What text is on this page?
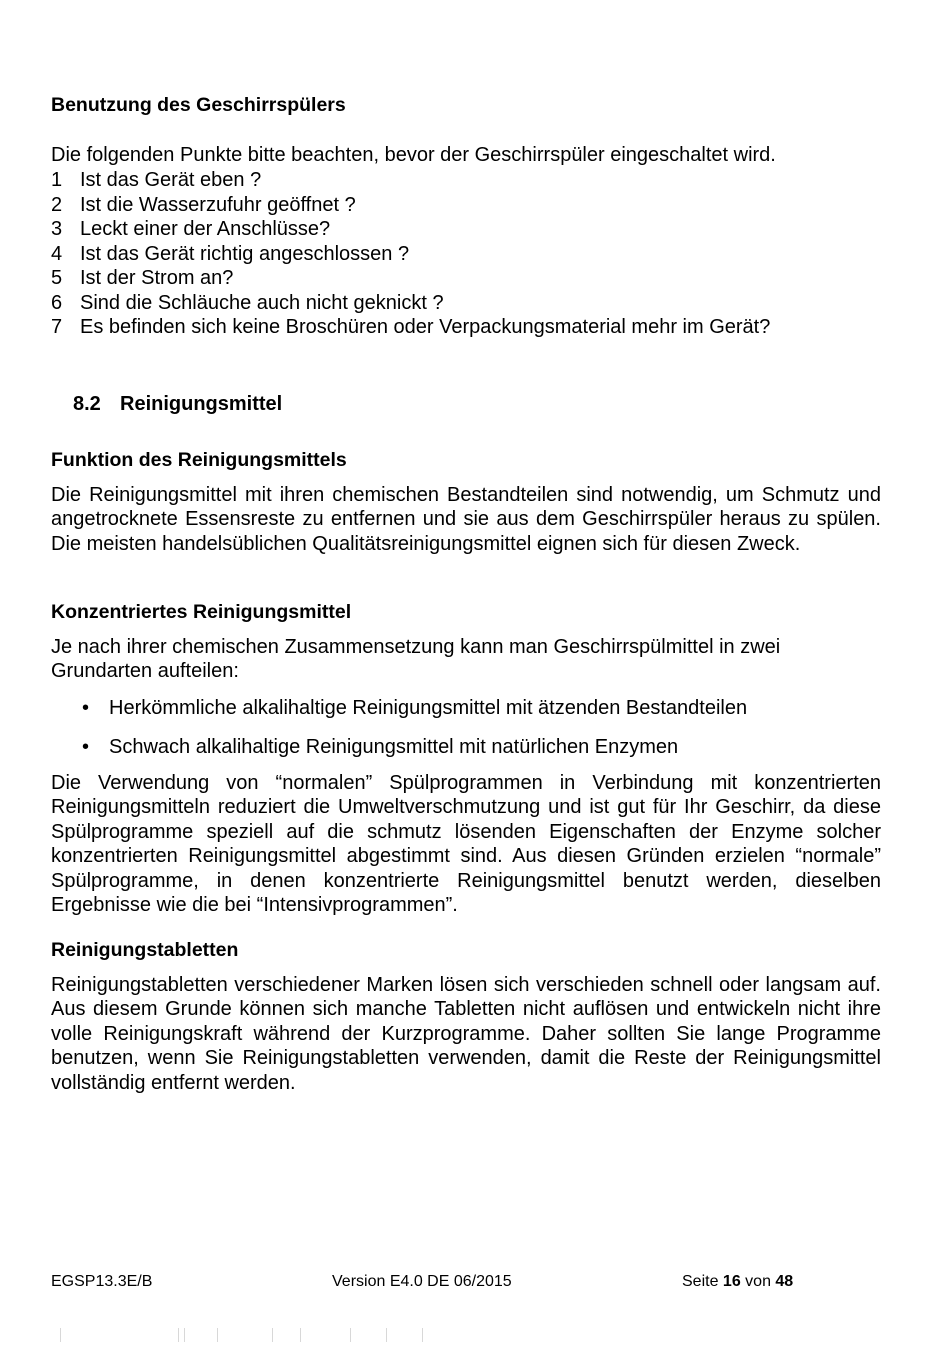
Benutzung des Geschirrspülers

Die folgenden Punkte bitte beachten, bevor der Geschirrspüler eingeschaltet wird.

1 Ist das Gerät eben ?
2 Ist die Wasserzufuhr geöffnet ?
3 Leckt einer der Anschlüsse?
4 Ist das Gerät richtig angeschlossen ?
5 Ist der Strom an?
6 Sind die Schläuche auch nicht geknickt ?
7 Es befinden sich keine Broschüren oder Verpackungsmaterial mehr im Gerät?
8.2 Reinigungsmittel
Funktion des Reinigungsmittels

Die Reinigungsmittel mit ihren chemischen Bestandteilen sind notwendig, um Schmutz und angetrocknete Essensreste zu entfernen und sie aus dem Geschirrspüler heraus zu spülen. Die meisten handelsüblichen Qualitätsreinigungsmittel eignen sich für diesen Zweck.

Konzentriertes Reinigungsmittel

Je nach ihrer chemischen Zusammensetzung kann man Geschirrspülmittel in zwei Grundarten aufteilen:

• Herkömmliche alkalihaltige Reinigungsmittel mit ätzenden Bestandteilen
• Schwach alkalihaltige Reinigungsmittel mit natürlichen Enzymen

Die Verwendung von “normalen” Spülprogrammen in Verbindung mit konzentrierten Reinigungsmitteln reduziert die Umweltverschmutzung und ist gut für Ihr Geschirr, da diese Spülprogramme speziell auf die schmutz lösenden Eigenschaften der Enzyme solcher konzentrierten Reinigungsmittel abgestimmt sind. Aus diesen Gründen erzielen “normale” Spülprogramme, in denen konzentrierte Reinigungsmittel benutzt werden, dieselben Ergebnisse wie die bei “Intensivprogrammen”.

Reinigungstabletten

Reinigungstabletten verschiedener Marken lösen sich verschieden schnell oder langsam auf. Aus diesem Grunde können sich manche Tabletten nicht auflösen und entwickeln nicht ihre volle Reinigungskraft während der Kurzprogramme. Daher sollten Sie lange Programme benutzen, wenn Sie Reinigungstabletten verwenden, damit die Reste der Reinigungsmittel vollständig entfernt werden.

EGSP13.3E/B	Version E4.0 DE 06/2015	Seite 16 von 48
